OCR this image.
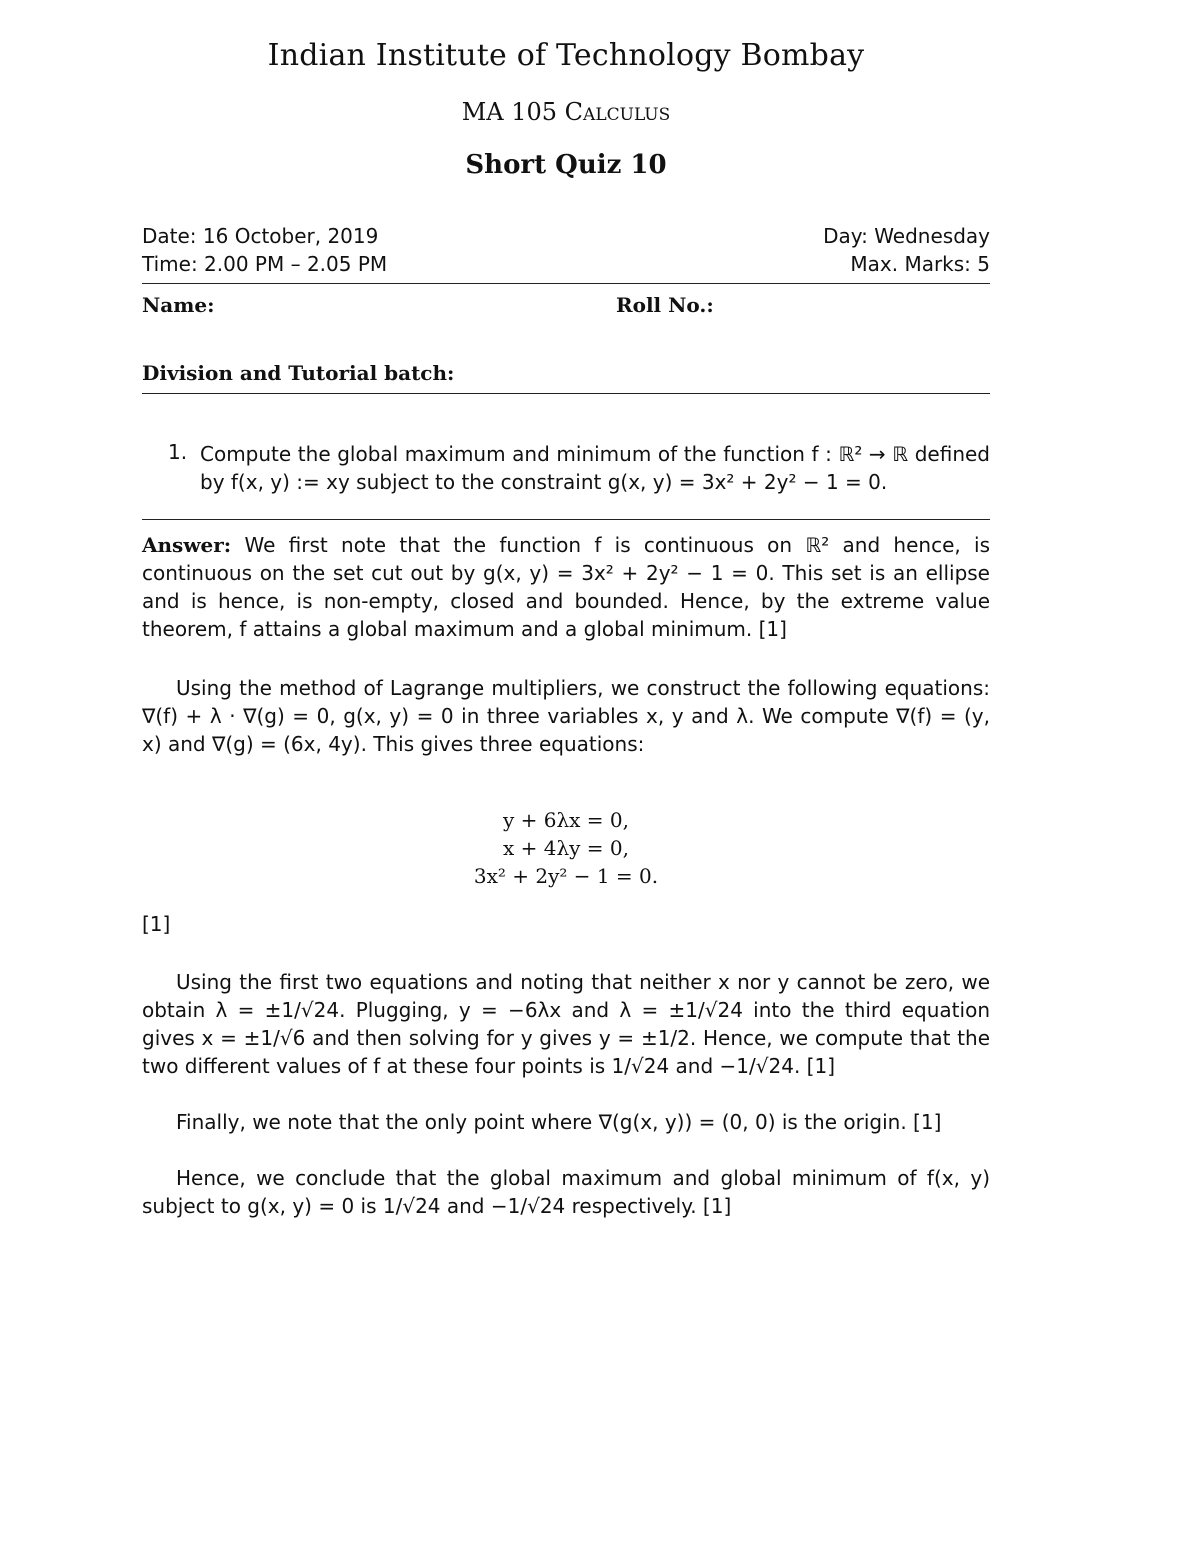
Indian Institute of Technology Bombay
MA 105 Calculus
Short Quiz 10
Date: 16 October, 2019	Day: Wednesday
Time: 2.00 PM – 2.05 PM	Max. Marks: 5
Name:	Roll No.:
Division and Tutorial batch:
1. Compute the global maximum and minimum of the function f : ℝ² → ℝ defined by f(x, y) := xy subject to the constraint g(x, y) = 3x² + 2y² − 1 = 0.
Answer: We first note that the function f is continuous on ℝ² and hence, is continuous on the set cut out by g(x, y) = 3x² + 2y² − 1 = 0. This set is an ellipse and is hence, is non-empty, closed and bounded. Hence, by the extreme value theorem, f attains a global maximum and a global minimum. [1]
Using the method of Lagrange multipliers, we construct the following equations: ∇(f) + λ · ∇(g) = 0, g(x, y) = 0 in three variables x, y and λ. We compute ∇(f) = (y, x) and ∇(g) = (6x, 4y). This gives three equations:
y + 6λx = 0,
x + 4λy = 0,
3x² + 2y² − 1 = 0.
[1]
Using the first two equations and noting that neither x nor y cannot be zero, we obtain λ = ±1/√24. Plugging, y = −6λx and λ = ±1/√24 into the third equation gives x = ±1/√6 and then solving for y gives y = ±1/2. Hence, we compute that the two different values of f at these four points is 1/√24 and −1/√24. [1]
Finally, we note that the only point where ∇(g(x, y)) = (0, 0) is the origin. [1]
Hence, we conclude that the global maximum and global minimum of f(x, y) subject to g(x, y) = 0 is 1/√24 and −1/√24 respectively. [1]
